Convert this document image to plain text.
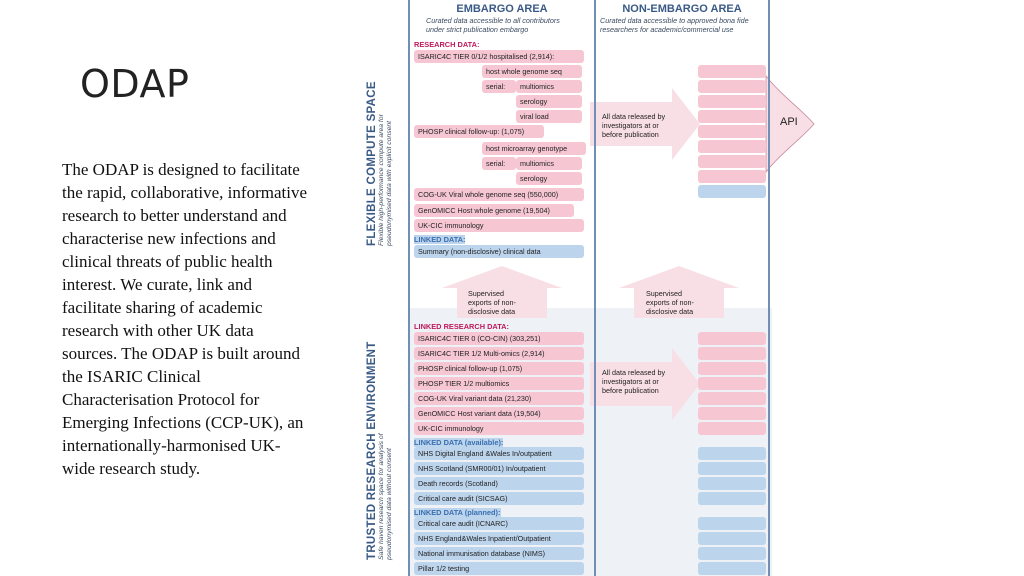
ODAP
The ODAP is designed to facilitate the rapid, collaborative, informative research to better understand and characterise new infections and clinical threats of public health interest. We curate, link and facilitate sharing of academic research with other UK data sources. The ODAP is built around the ISARIC Clinical Characterisation Protocol for Emerging Infections (CCP-UK), an internationally-harmonised UK-wide research study.
EMBARGO AREA
Curated data accessible to all contributors
under strict publication embargo
NON-EMBARGO AREA
Curated data accessible to approved bona fide
researchers for academic/commercial use
FLEXIBLE COMPUTE SPACE Flexible high-performance compute area for pseudonymised data with explicit consent
TRUSTED RESEARCH ENVIRONMENT Safe haven research space for analysis of pseudonymised data without consent
RESEARCH DATA:
ISARIC4C TIER 0/1/2 hospitalised (2,914):
host whole genome seq
serial:	multiomics
serology
viral load
PHOSP clinical follow-up: (1,075)
host microarray genotype
serial:	multiomics
serology
COG-UK Viral whole genome seq (550,000)
GenOMICC Host whole genome (19,504)
UK-CIC immunology
LINKED DATA:
Summary (non-disclosive) clinical data
All data released by
investigators at or
before publication
All data released by
investigators at or
before publication
Supervised
exports of non-
disclosive data
Supervised
exports of non-
disclosive data
API
LINKED RESEARCH DATA:
ISARIC4C TIER 0 (CO-CIN) (303,251)
ISARIC4C TIER 1/2 Multi-omics (2,914)
PHOSP clinical follow-up (1,075)
PHOSP TIER 1/2 multiomics
COG-UK Viral variant data (21,230)
GenOMICC Host variant data (19,504)
UK-CIC immunology
LINKED DATA (available):
NHS Digital England &Wales In/outpatient
NHS Scotland (SMR00/01) In/outpatient
Death records (Scotland)
Critical care audit (SICSAG)
LINKED DATA (planned):
Critical care audit (ICNARC)
NHS England&Wales Inpatient/Outpatient
National immunisation database (NIMS)
Pillar 1/2 testing
